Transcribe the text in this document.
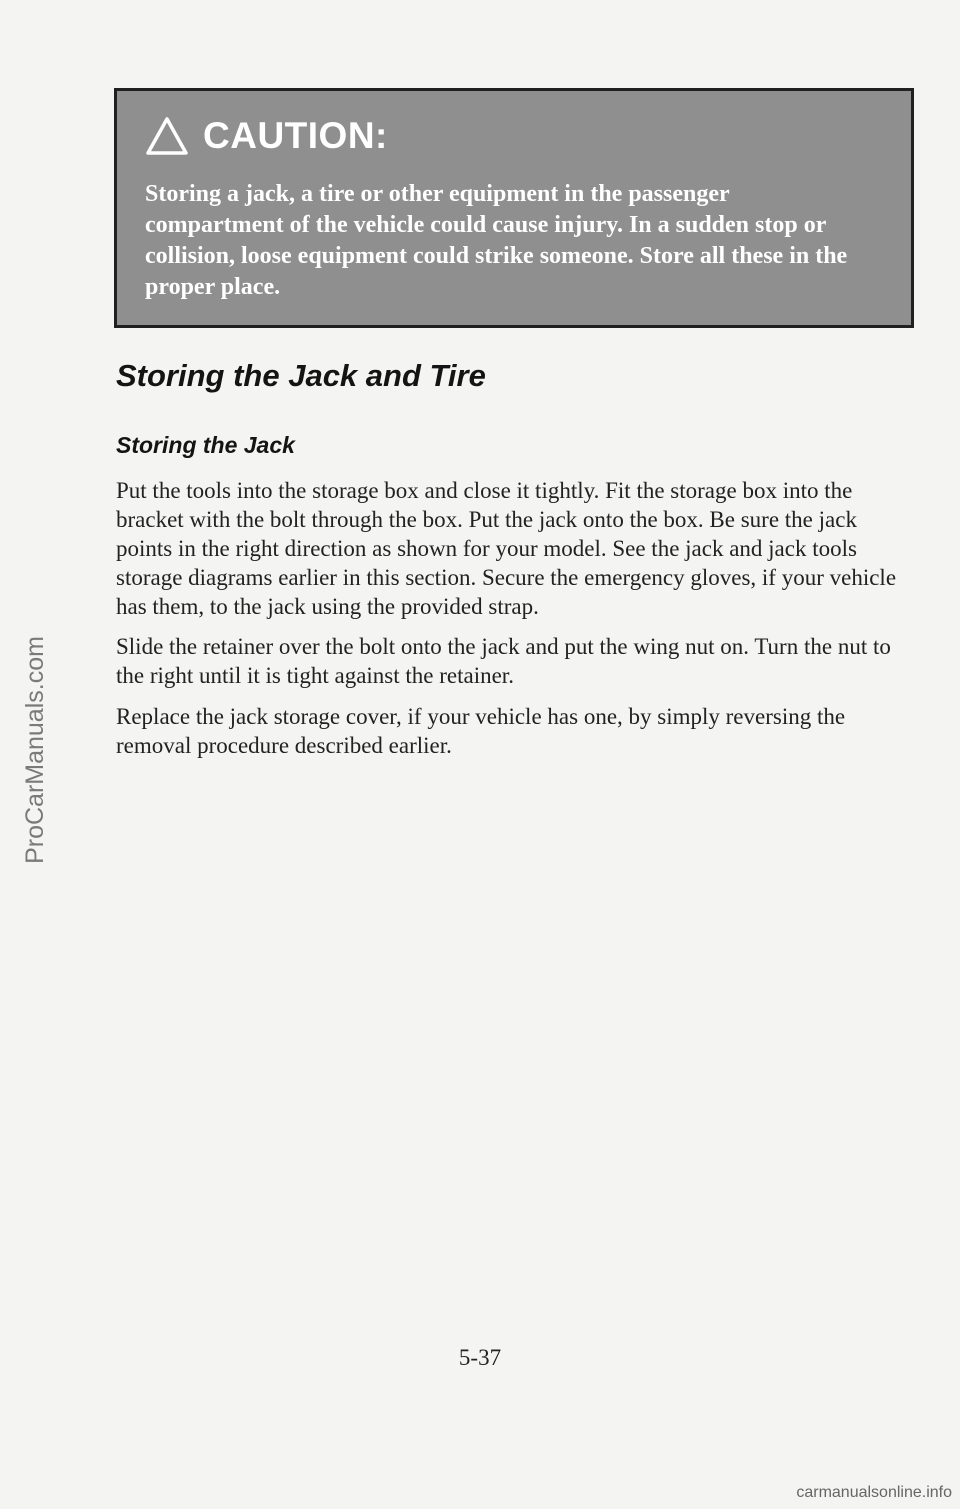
CAUTION:

Storing a jack, a tire or other equipment in the passenger compartment of the vehicle could cause injury. In a sudden stop or collision, loose equipment could strike someone. Store all these in the proper place.

Storing the Jack and Tire
Storing the Jack

Put the tools into the storage box and close it tightly. Fit the storage box into the bracket with the bolt through the box. Put the jack onto the box. Be sure the jack points in the right direction as shown for your model. See the jack and jack tools storage diagrams earlier in this section. Secure the emergency gloves, if your vehicle has them, to the jack using the provided strap.

Slide the retainer over the bolt onto the jack and put the wing nut on. Turn the nut to the right until it is tight against the retainer.

Replace the jack storage cover, if your vehicle has one, by simply reversing the removal procedure described earlier.

ProCarManuals.com
5-37
carmanualsonline.info
